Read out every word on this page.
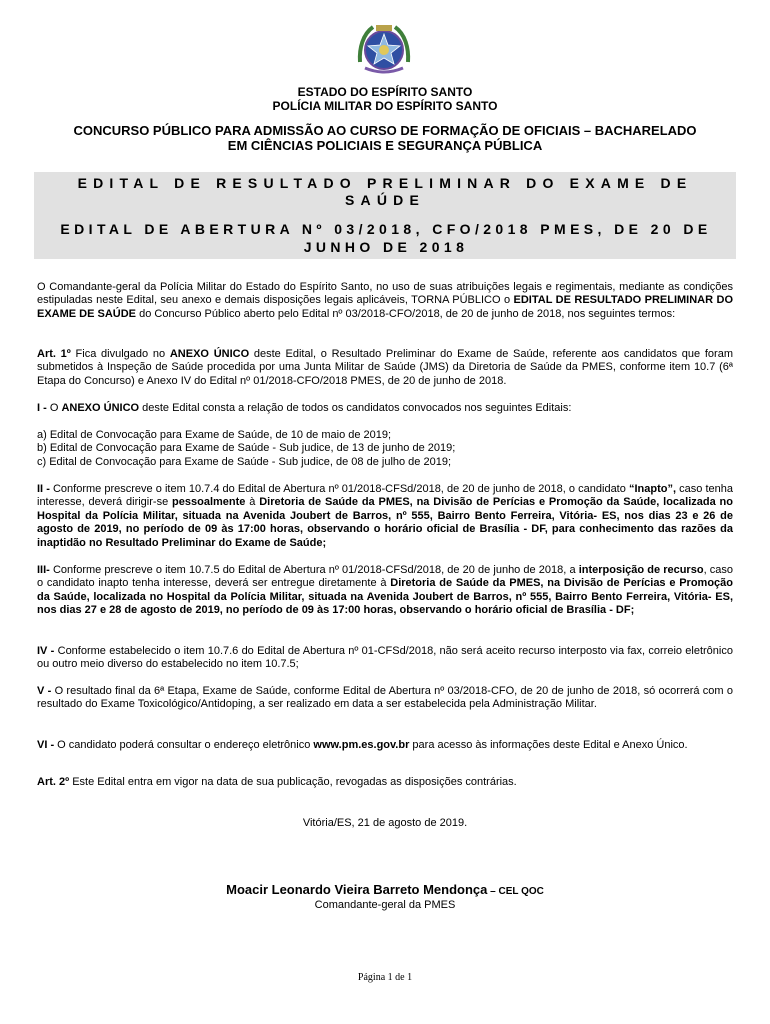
ESTADO DO ESPÍRITO SANTO
POLÍCIA MILITAR DO ESPÍRITO SANTO
CONCURSO PÚBLICO PARA ADMISSÃO AO CURSO DE FORMAÇÃO DE OFICIAIS – BACHARELADO
EM CIÊNCIAS POLICIAIS E SEGURANÇA PÚBLICA
EDITAL DE RESULTADO PRELIMINAR DO EXAME DE SAÚDE
EDITAL DE ABERTURA Nº 03/2018, CFO/2018 PMES, DE 20 DE
JUNHO DE 2018

O Comandante-geral da Polícia Militar do Estado do Espírito Santo, no uso de suas atribuições legais e regimentais, mediante as condições estipuladas neste Edital, seu anexo e demais disposições legais aplicáveis, TORNA PÚBLICO o EDITAL DE RESULTADO PRELIMINAR DO EXAME DE SAÚDE do Concurso Público aberto pelo Edital nº 03/2018-CFO/2018, de 20 de junho de 2018, nos seguintes termos:

Art. 1º Fica divulgado no ANEXO ÚNICO deste Edital, o Resultado Preliminar do Exame de Saúde, referente aos candidatos que foram submetidos à Inspeção de Saúde procedida por uma Junta Militar de Saúde (JMS) da Diretoria de Saúde da PMES, conforme item 10.7 (6ª Etapa do Concurso) e Anexo IV do Edital nº 01/2018-CFO/2018 PMES, de 20 de junho de 2018.

I - O ANEXO ÚNICO deste Edital consta a relação de todos os candidatos convocados nos seguintes Editais:

a) Edital de Convocação para Exame de Saúde, de 10 de maio de 2019;
b) Edital de Convocação para Exame de Saúde - Sub judice, de 13 de junho de 2019;
c) Edital de Convocação para Exame de Saúde - Sub judice, de 08 de julho de 2019;

II - Conforme prescreve o item 10.7.4 do Edital de Abertura nº 01/2018-CFSd/2018, de 20 de junho de 2018, o candidato “Inapto”, caso tenha interesse, deverá dirigir-se pessoalmente à Diretoria de Saúde da PMES, na Divisão de Perícias e Promoção da Saúde, localizada no Hospital da Polícia Militar, situada na Avenida Joubert de Barros, nº 555, Bairro Bento Ferreira, Vitória- ES, nos dias 23 e 26 de agosto de 2019, no período de 09 às 17:00 horas, observando o horário oficial de Brasília - DF, para conhecimento das razões da inaptidão no Resultado Preliminar do Exame de Saúde;

III- Conforme prescreve o item 10.7.5 do Edital de Abertura nº 01/2018-CFSd/2018, de 20 de junho de 2018, a interposição de recurso, caso o candidato inapto tenha interesse, deverá ser entregue diretamente à Diretoria de Saúde da PMES, na Divisão de Perícias e Promoção da Saúde, localizada no Hospital da Polícia Militar, situada na Avenida Joubert de Barros, nº 555, Bairro Bento Ferreira, Vitória- ES, nos dias 27 e 28 de agosto de 2019, no período de 09 às 17:00 horas, observando o horário oficial de Brasília - DF;

IV - Conforme estabelecido o item 10.7.6 do Edital de Abertura nº 01-CFSd/2018, não será aceito recurso interposto via fax, correio eletrônico ou outro meio diverso do estabelecido no item 10.7.5;

V - O resultado final da 6ª Etapa, Exame de Saúde, conforme Edital de Abertura nº 03/2018-CFO, de 20 de junho de 2018, só ocorrerá com o resultado do Exame Toxicológico/Antidoping, a ser realizado em data a ser estabelecida pela Administração Militar.

VI - O candidato poderá consultar o endereço eletrônico www.pm.es.gov.br para acesso às informações deste Edital e Anexo Único.

Art. 2º Este Edital entra em vigor na data de sua publicação, revogadas as disposições contrárias.

Vitória/ES, 21 de agosto de 2019.

Moacir Leonardo Vieira Barreto Mendonça – CEL QOC

Comandante-geral da PMES

Página 1 de 1
